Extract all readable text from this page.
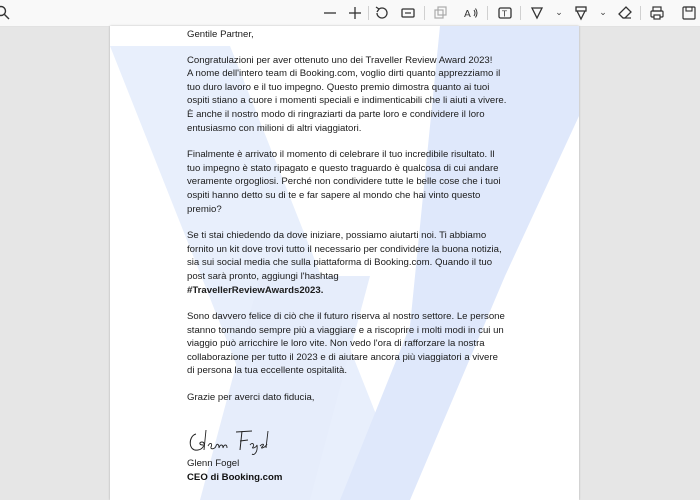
A	T	⌄	⌄

Gentile Partner,

Congratulazioni per aver ottenuto uno dei Traveller Review Award 2023!
A nome dell'intero team di Booking.com, voglio dirti quanto apprezziamo il tuo duro lavoro e il tuo impegno. Questo premio dimostra quanto ai tuoi ospiti stiano a cuore i momenti speciali e indimenticabili che li aiuti a vivere. È anche il nostro modo di ringraziarti da parte loro e condividere il loro entusiasmo con milioni di altri viaggiatori.

Finalmente è arrivato il momento di celebrare il tuo incredibile risultato. Il tuo impegno è stato ripagato e questo traguardo è qualcosa di cui andare veramente orgogliosi. Perché non condividere tutte le belle cose che i tuoi ospiti hanno detto su di te e far sapere al mondo che hai vinto questo premio?

Se ti stai chiedendo da dove iniziare, possiamo aiutarti noi. Ti abbiamo fornito un kit dove trovi tutto il necessario per condividere la buona notizia, sia sui social media che sulla piattaforma di Booking.com. Quando il tuo post sarà pronto, aggiungi l'hashtag
#TravellerReviewAwards2023.

Sono davvero felice di ciò che il futuro riserva al nostro settore. Le persone stanno tornando sempre più a viaggiare e a riscoprire i molti modi in cui un viaggio può arricchire le loro vite. Non vedo l'ora di rafforzare la nostra collaborazione per tutto il 2023 e di aiutare ancora più viaggiatori a vivere di persona la tua eccellente ospitalità.

Grazie per averci dato fiducia,

Glenn Fogel
CEO di Booking.com
